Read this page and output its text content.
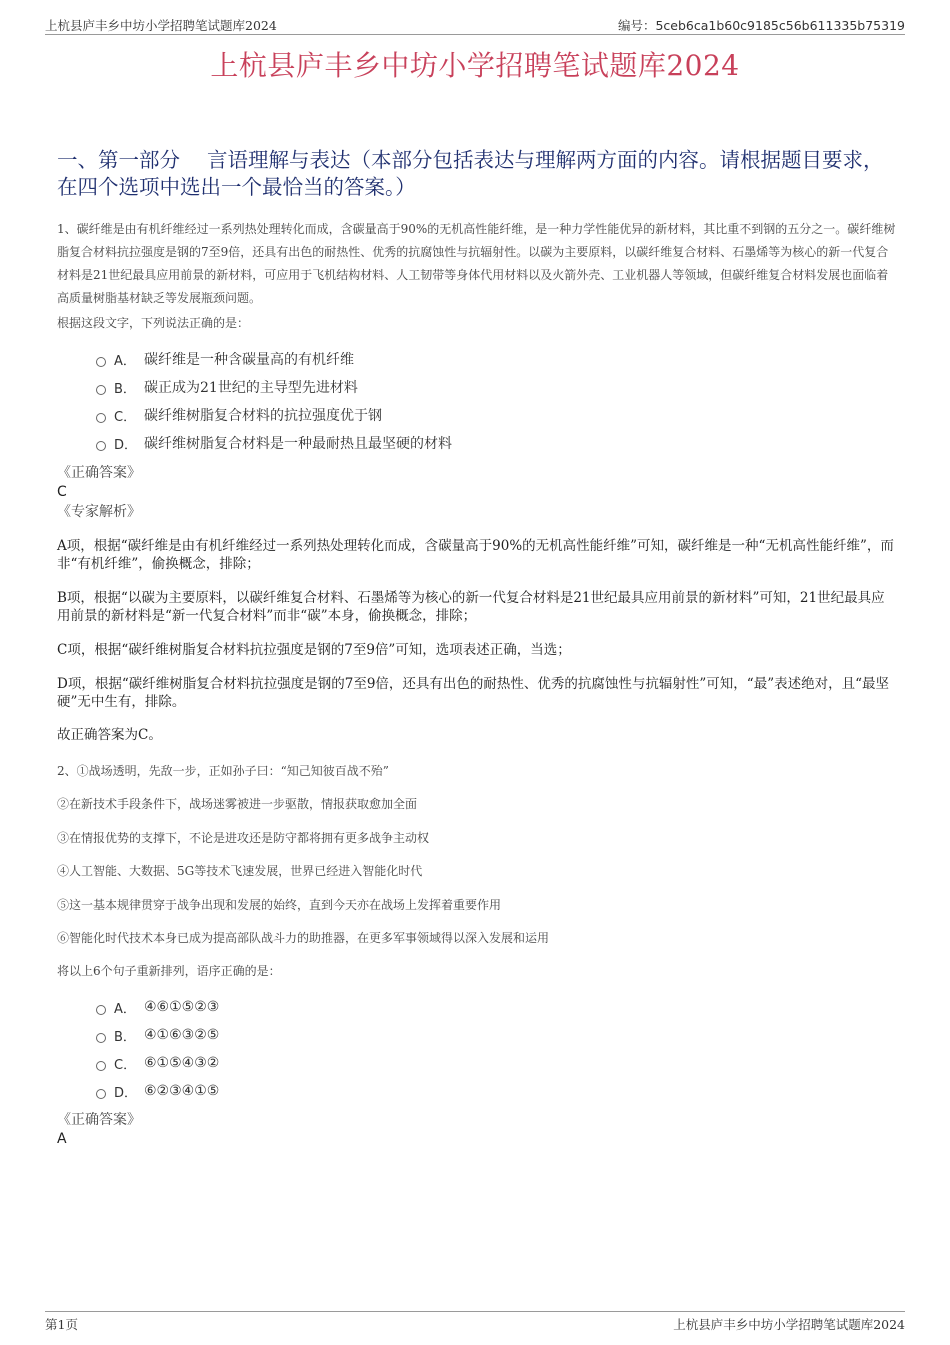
上杭县庐丰乡中坊小学招聘笔试题库2024	编号：5ceb6ca1b60c9185c56b611335b75319
上杭县庐丰乡中坊小学招聘笔试题库2024
一、第一部分　 言语理解与表达（本部分包括表达与理解两方面的内容。请根据题目要求，在四个选项中选出一个最恰当的答案。）
1、碳纤维是由有机纤维经过一系列热处理转化而成，含碳量高于90%的无机高性能纤维，是一种力学性能优异的新材料，其比重不到钢的五分之一。碳纤维树脂复合材料抗拉强度是钢的7至9倍，还具有出色的耐热性、优秀的抗腐蚀性与抗辐射性。以碳为主要原料，以碳纤维复合材料、石墨烯等为核心的新一代复合材料是21世纪最具应用前景的新材料，可应用于飞机结构材料、人工韧带等身体代用材料以及火箭外壳、工业机器人等领域，但碳纤维复合材料发展也面临着高质量树脂基材缺乏等发展瓶颈问题。
根据这段文字，下列说法正确的是：
A． 碳纤维是一种含碳量高的有机纤维
B． 碳正成为21世纪的主导型先进材料
C． 碳纤维树脂复合材料的抗拉强度优于钢
D． 碳纤维树脂复合材料是一种最耐热且最坚硬的材料
《正确答案》
C
《专家解析》
A项，根据“碳纤维是由有机纤维经过一系列热处理转化而成，含碳量高于90%的无机高性能纤维”可知，碳纤维是一种“无机高性能纤维”，而非“有机纤维”，偷换概念，排除；
B项，根据“以碳为主要原料，以碳纤维复合材料、石墨烯等为核心的新一代复合材料是21世纪最具应用前景的新材料”可知，21世纪最具应用前景的新材料是“新一代复合材料”而非“碳”本身，偷换概念，排除；
C项，根据“碳纤维树脂复合材料抗拉强度是钢的7至9倍”可知，选项表述正确，当选；
D项，根据“碳纤维树脂复合材料抗拉强度是钢的7至9倍，还具有出色的耐热性、优秀的抗腐蚀性与抗辐射性”可知，“最”表述绝对，且“最坚硬”无中生有，排除。
故正确答案为C。
2、①战场透明，先敌一步，正如孙子曰：“知己知彼百战不殆”
②在新技术手段条件下，战场迷雾被进一步驱散，情报获取愈加全面
③在情报优势的支撑下，不论是进攻还是防守都将拥有更多战争主动权
④人工智能、大数据、5G等技术飞速发展，世界已经进入智能化时代
⑤这一基本规律贯穿于战争出现和发展的始终，直到今天亦在战场上发挥着重要作用
⑥智能化时代技术本身已成为提高部队战斗力的助推器，在更多军事领域得以深入发展和运用
将以上6个句子重新排列，语序正确的是：
A． ④⑥①⑤②③
B． ④①⑥③②⑤
C． ⑥①⑤④③②
D． ⑥②③④①⑤
《正确答案》
A
第1页	上杭县庐丰乡中坊小学招聘笔试题库2024
